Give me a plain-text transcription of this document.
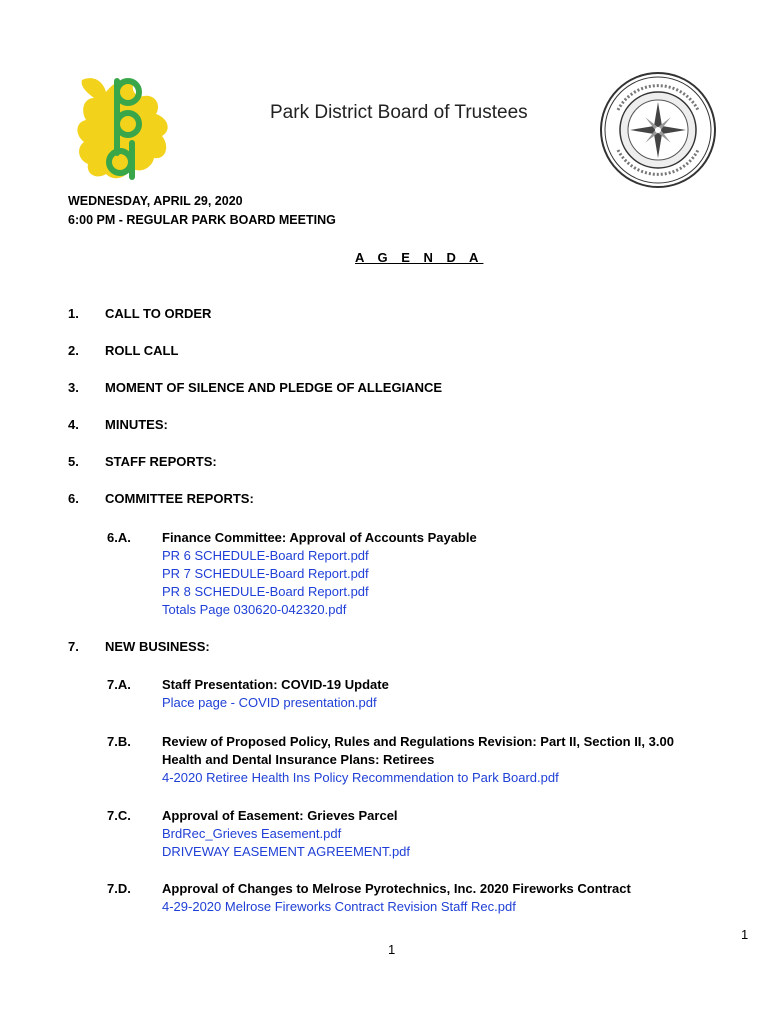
Park District Board of Trustees
WEDNESDAY, APRIL 29, 2020
6:00 PM - REGULAR PARK BOARD MEETING
A G E N D A
1. CALL TO ORDER
2. ROLL CALL
3. MOMENT OF SILENCE AND PLEDGE OF ALLEGIANCE
4. MINUTES:
5. STAFF REPORTS:
6. COMMITTEE REPORTS:
6.A. Finance Committee: Approval of Accounts Payable
PR 6 SCHEDULE-Board Report.pdf
PR 7 SCHEDULE-Board Report.pdf
PR 8 SCHEDULE-Board Report.pdf
Totals Page 030620-042320.pdf
7. NEW BUSINESS:
7.A. Staff Presentation: COVID-19 Update
Place page - COVID presentation.pdf
7.B. Review of Proposed Policy, Rules and Regulations Revision: Part II, Section II, 3.00
Health and Dental Insurance Plans: Retirees
4-2020 Retiree Health Ins Policy Recommendation to Park Board.pdf
7.C. Approval of Easement: Grieves Parcel
BrdRec_Grieves Easement.pdf
DRIVEWAY EASEMENT AGREEMENT.pdf
7.D. Approval of Changes to Melrose Pyrotechnics, Inc. 2020 Fireworks Contract
4-29-2020 Melrose Fireworks Contract Revision Staff Rec.pdf
1
1
